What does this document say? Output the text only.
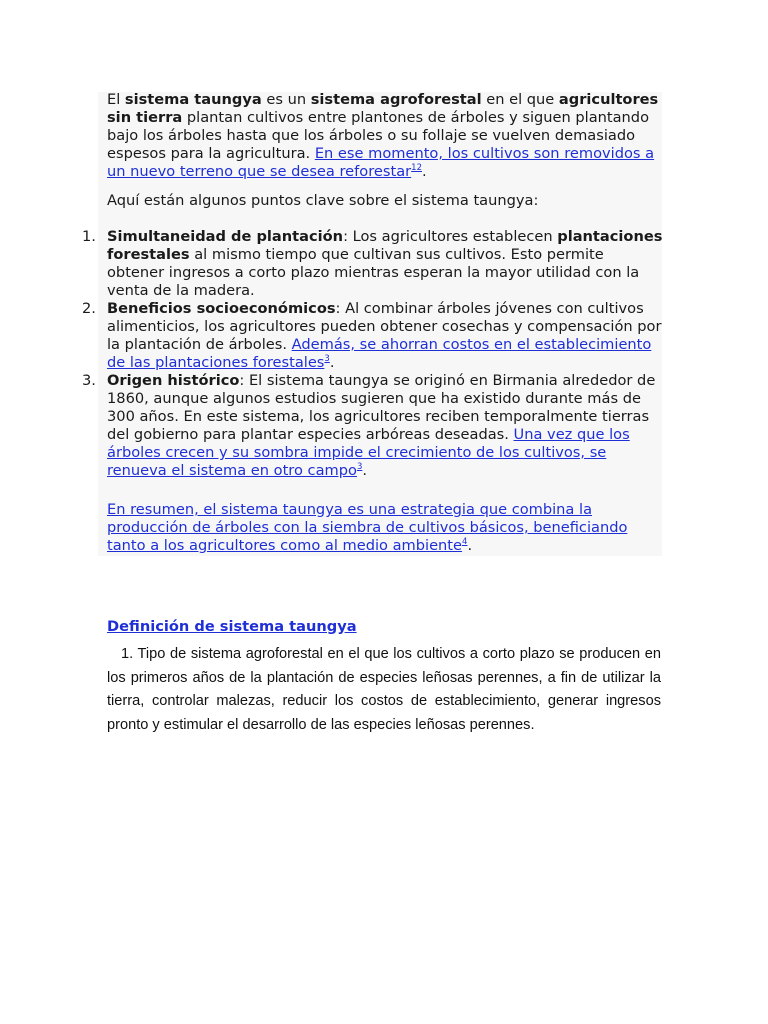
El sistema taungya es un sistema agroforestal en el que agricultores sin tierra plantan cultivos entre plantones de árboles y siguen plantando bajo los árboles hasta que los árboles o su follaje se vuelven demasiado espesos para la agricultura. En ese momento, los cultivos son removidos a un nuevo terreno que se desea reforestar$^{12}$.

Aquí están algunos puntos clave sobre el sistema taungya:

1. Simultaneidad de plantación: Los agricultores establecen plantaciones forestales al mismo tiempo que cultivan sus cultivos. Esto permite obtener ingresos a corto plazo mientras esperan la mayor utilidad con la venta de la madera.
2. Beneficios socioeconómicos: Al combinar árboles jóvenes con cultivos alimenticios, los agricultores pueden obtener cosechas y compensación por la plantación de árboles. Además, se ahorran costos en el establecimiento de las plantaciones forestales$^3$.
3. Origen histórico: El sistema taungya se originó en Birmania alrededor de 1860, aunque algunos estudios sugieren que ha existido durante más de 300 años. En este sistema, los agricultores reciben temporalmente tierras del gobierno para plantar especies arbóreas deseadas. Una vez que los árboles crecen y su sombra impide el crecimiento de los cultivos, se renueva el sistema en otro campo$^3$.

En resumen, el sistema taungya es una estrategia que combina la producción de árboles con la siembra de cultivos básicos, beneficiando tanto a los agricultores como al medio ambiente$^4$.

Definición de sistema taungya

1. Tipo de sistema agroforestal en el que los cultivos a corto plazo se producen en los primeros años de la plantación de especies leñosas perennes, a fin de utilizar la tierra, controlar malezas, reducir los costos de establecimiento, generar ingresos pronto y estimular el desarrollo de las especies leñosas perennes.
